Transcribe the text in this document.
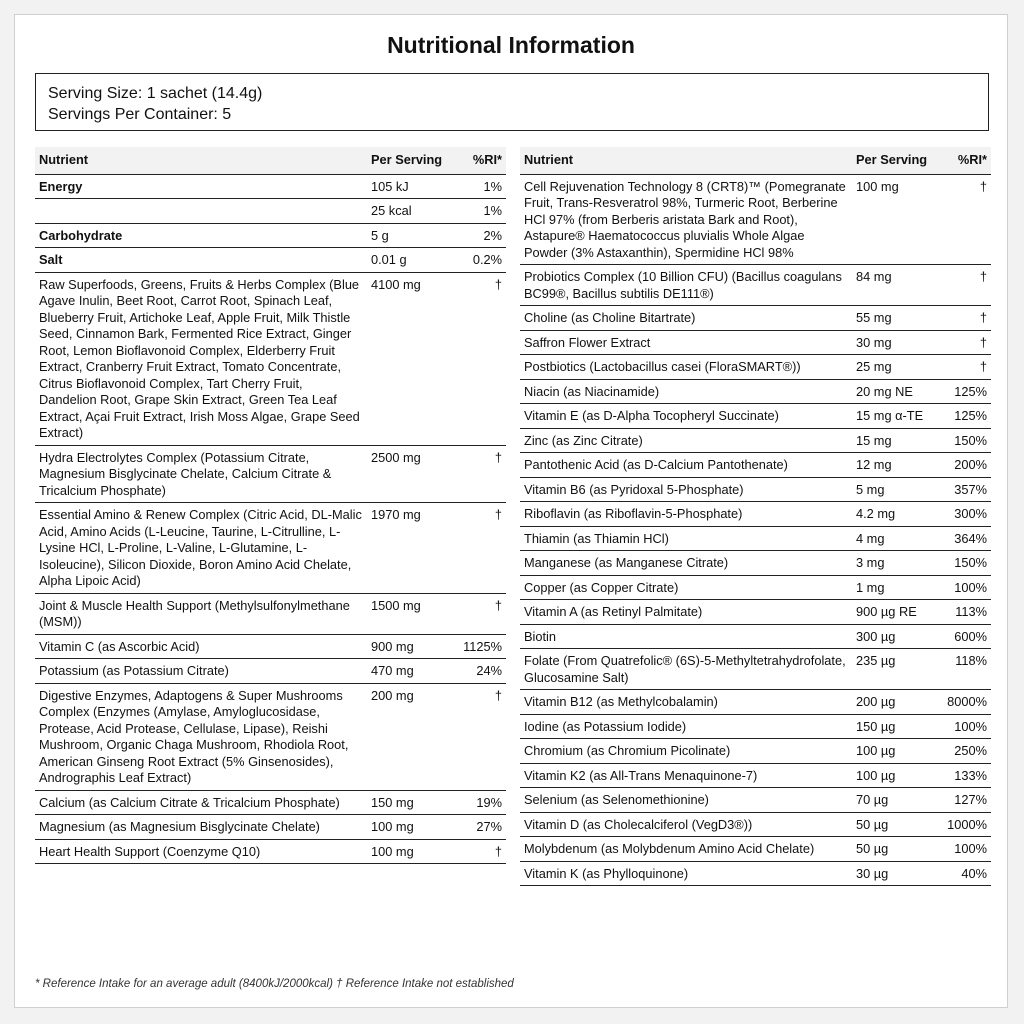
Nutritional Information
Serving Size: 1 sachet (14.4g)
Servings Per Container: 5
Nutrient	Per Serving	%RI*
Energy	105 kJ	1%
	25 kcal	1%
Carbohydrate	5 g	2%
Salt	0.01 g	0.2%
Raw Superfoods, Greens, Fruits & Herbs Complex (Blue Agave Inulin, Beet Root, Carrot Root, Spinach Leaf, Blueberry Fruit, Artichoke Leaf, Apple Fruit, Milk Thistle Seed, Cinnamon Bark, Fermented Rice Extract, Ginger Root, Lemon Bioflavonoid Complex, Elderberry Fruit Extract, Cranberry Fruit Extract, Tomato Concentrate, Citrus Bioflavonoid Complex, Tart Cherry Fruit, Dandelion Root, Grape Skin Extract, Green Tea Leaf Extract, Açai Fruit Extract, Irish Moss Algae, Grape Seed Extract)	4100 mg	†
Hydra Electrolytes Complex (Potassium Citrate, Magnesium Bisglycinate Chelate, Calcium Citrate & Tricalcium Phosphate)	2500 mg	†
Essential Amino & Renew Complex (Citric Acid, DL-Malic Acid, Amino Acids (L-Leucine, Taurine, L-Citrulline, L-Lysine HCl, L-Proline, L-Valine, L-Glutamine, L-Isoleucine), Silicon Dioxide, Boron Amino Acid Chelate, Alpha Lipoic Acid)	1970 mg	†
Joint & Muscle Health Support (Methylsulfonylmethane (MSM))	1500 mg	†
Vitamin C (as Ascorbic Acid)	900 mg	1125%
Potassium (as Potassium Citrate)	470 mg	24%
Digestive Enzymes, Adaptogens & Super Mushrooms Complex (Enzymes (Amylase, Amyloglucosidase, Protease, Acid Protease, Cellulase, Lipase), Reishi Mushroom, Organic Chaga Mushroom, Rhodiola Root, American Ginseng Root Extract (5% Ginsenosides), Andrographis Leaf Extract)	200 mg	†
Calcium (as Calcium Citrate & Tricalcium Phosphate)	150 mg	19%
Magnesium (as Magnesium Bisglycinate Chelate)	100 mg	27%
Heart Health Support (Coenzyme Q10)	100 mg	†
Nutrient	Per Serving	%RI*
Cell Rejuvenation Technology 8 (CRT8)™ (Pomegranate Fruit, Trans-Resveratrol 98%, Turmeric Root, Berberine HCl 97% (from Berberis aristata Bark and Root), Astapure® Haematococcus pluvialis Whole Algae Powder (3% Astaxanthin), Spermidine HCl 98%	100 mg	†
Probiotics Complex (10 Billion CFU) (Bacillus coagulans BC99®, Bacillus subtilis DE111®)	84 mg	†
Choline (as Choline Bitartrate)	55 mg	†
Saffron Flower Extract	30 mg	†
Postbiotics (Lactobacillus casei (FloraSMART®))	25 mg	†
Niacin (as Niacinamide)	20 mg NE	125%
Vitamin E (as D-Alpha Tocopheryl Succinate)	15 mg α-TE	125%
Zinc (as Zinc Citrate)	15 mg	150%
Pantothenic Acid (as D-Calcium Pantothenate)	12 mg	200%
Vitamin B6 (as Pyridoxal 5-Phosphate)	5 mg	357%
Riboflavin (as Riboflavin-5-Phosphate)	4.2 mg	300%
Thiamin (as Thiamin HCl)	4 mg	364%
Manganese (as Manganese Citrate)	3 mg	150%
Copper (as Copper Citrate)	1 mg	100%
Vitamin A (as Retinyl Palmitate)	900 µg RE	113%
Biotin	300 µg	600%
Folate (From Quatrefolic® (6S)-5-Methyltetrahydrofolate, Glucosamine Salt)	235 µg	118%
Vitamin B12 (as Methylcobalamin)	200 µg	8000%
Iodine (as Potassium Iodide)	150 µg	100%
Chromium (as Chromium Picolinate)	100 µg	250%
Vitamin K2 (as All-Trans Menaquinone-7)	100 µg	133%
Selenium (as Selenomethionine)	70 µg	127%
Vitamin D (as Cholecalciferol (VegD3®))	50 µg	1000%
Molybdenum (as Molybdenum Amino Acid Chelate)	50 µg	100%
Vitamin K (as Phylloquinone)	30 µg	40%
* Reference Intake for an average adult (8400kJ/2000kcal) † Reference Intake not established
